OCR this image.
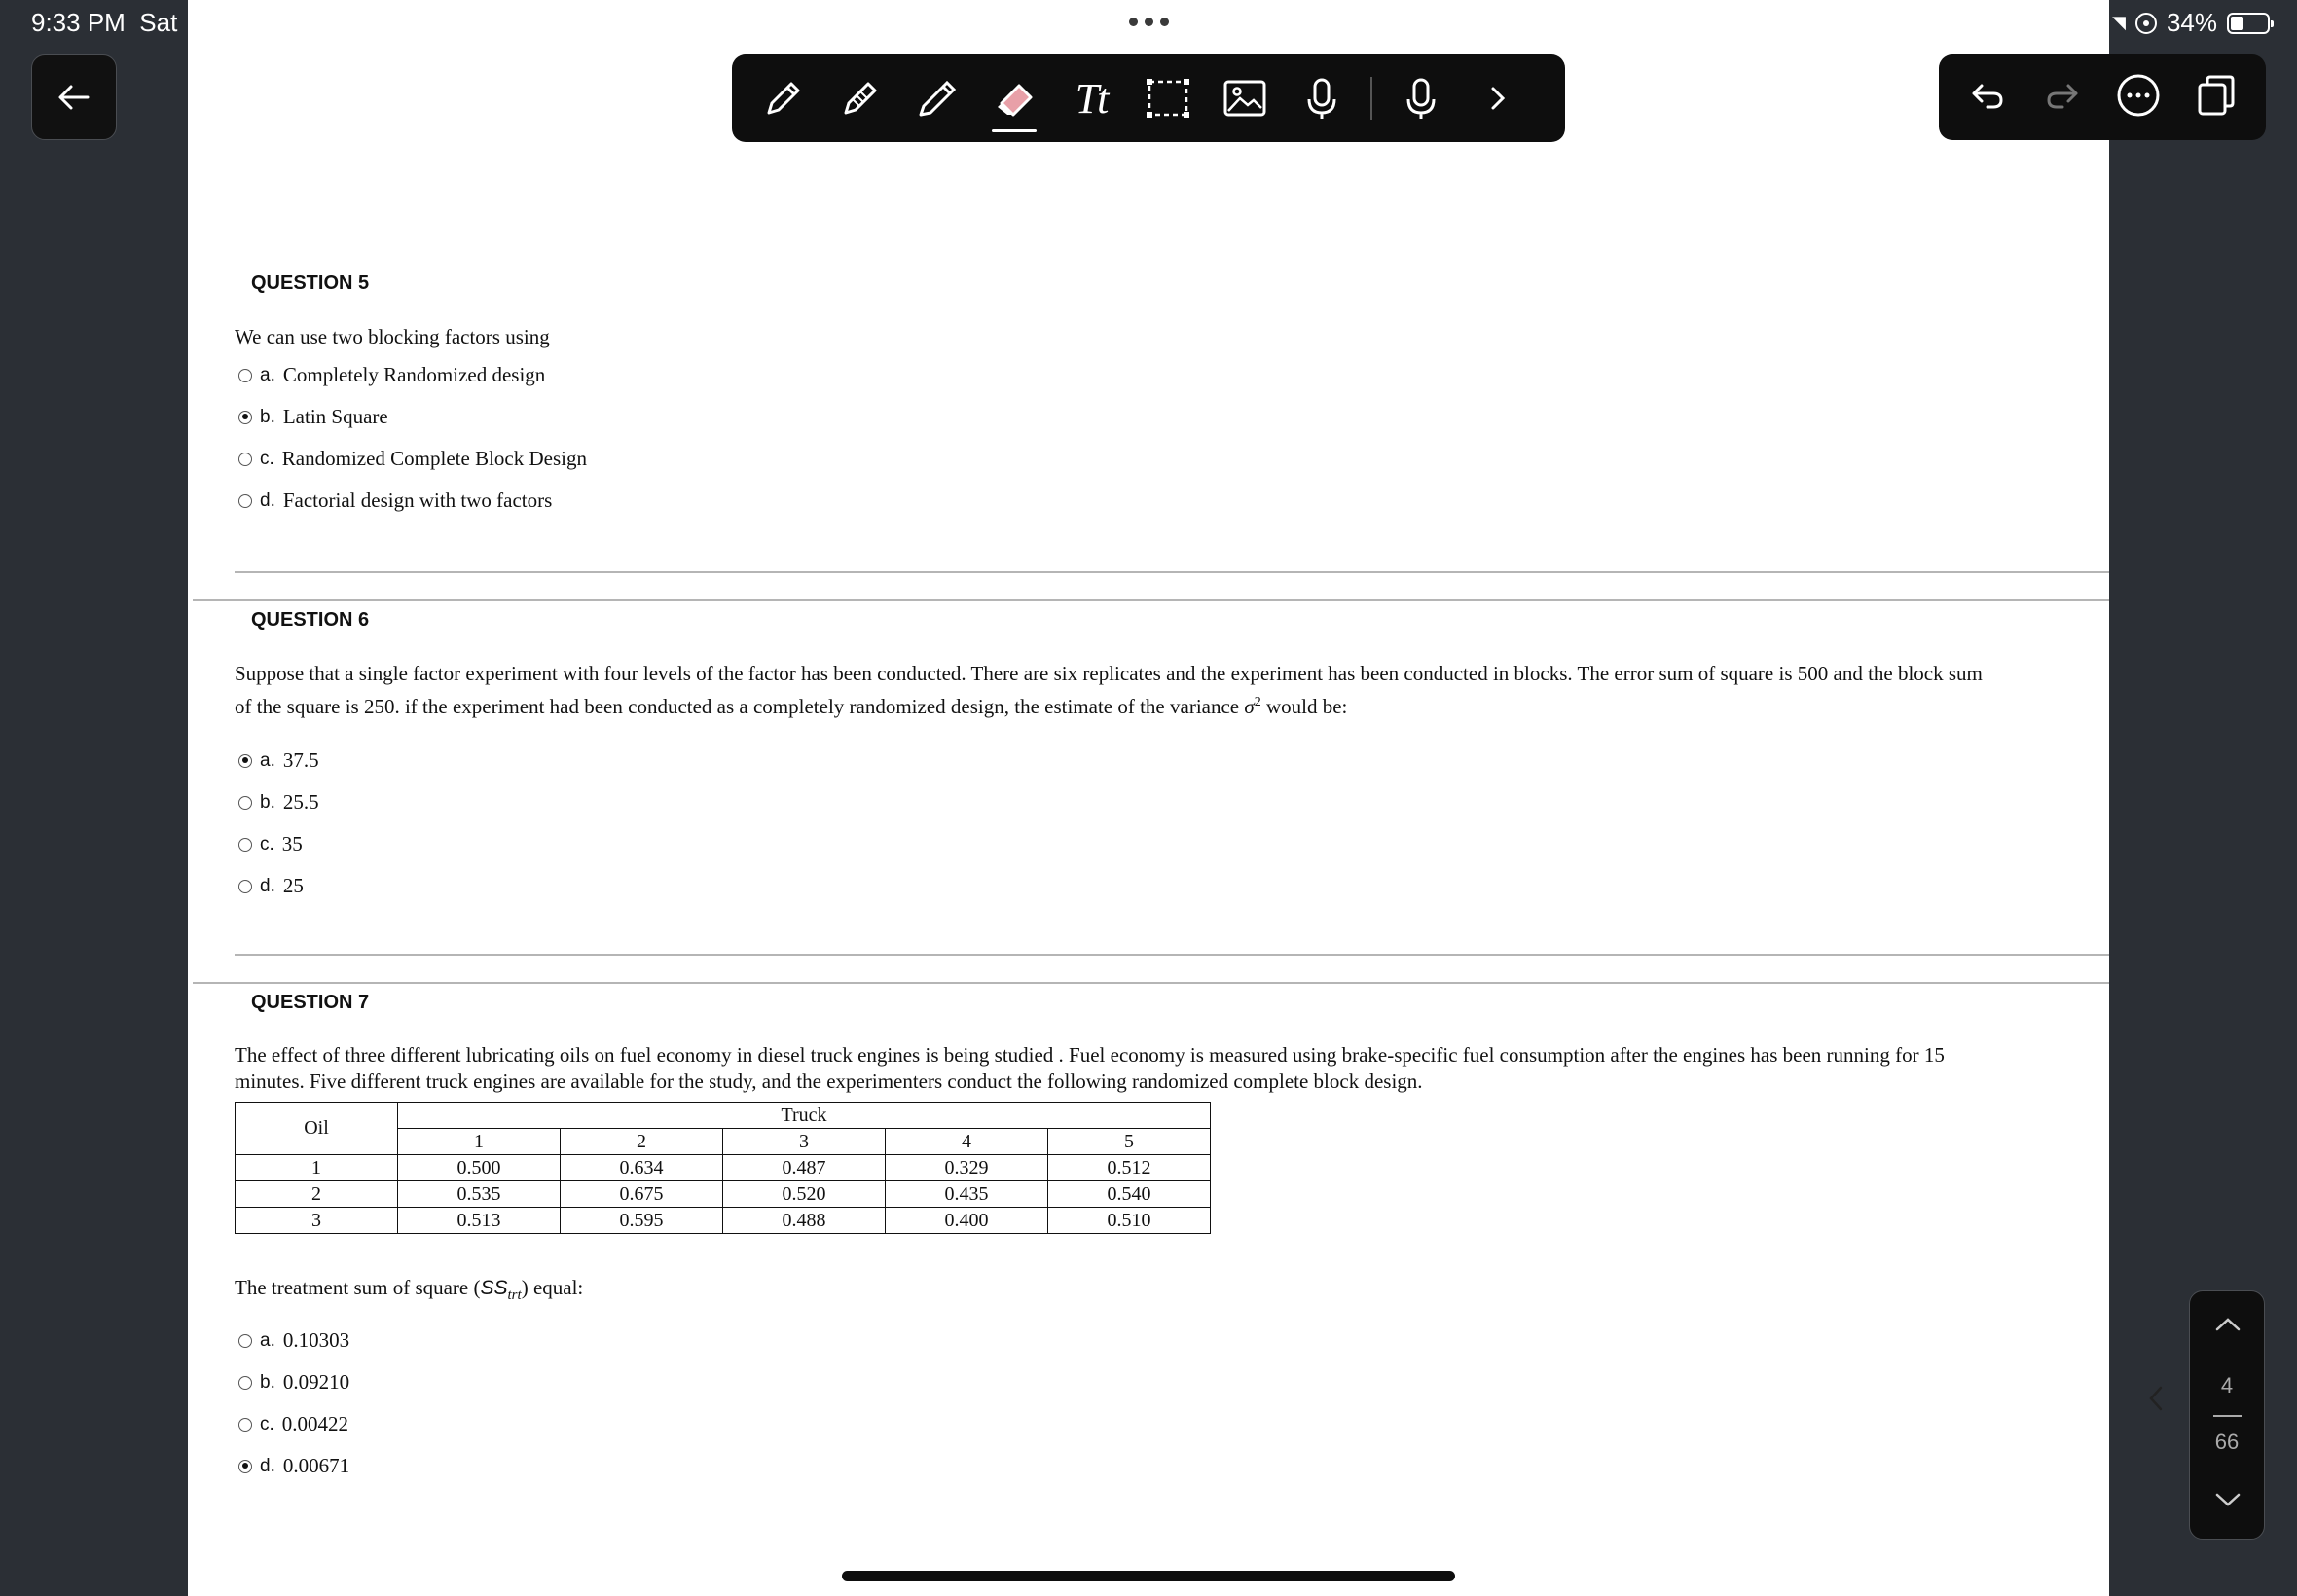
9:33 PM Sat	◥ 34%
Tt
QUESTION 5
We can use two blocking factors using
a. Completely Randomized design
b. Latin Square
c. Randomized Complete Block Design
d. Factorial design with two factors
QUESTION 6
Suppose that a single factor experiment with four levels of the factor has been conducted. There are six replicates and the experiment has been conducted in blocks. The error sum of square is 500 and the block sum
of the square is 250. if the experiment had been conducted as a completely randomized design, the estimate of the variance $\sigma^2$ would be:
a. 37.5
b. 25.5
c. 35
d. 25
QUESTION 7
The effect of three different lubricating oils on fuel economy in diesel truck engines is being studied . Fuel economy is measured using brake-specific fuel consumption after the engines has been running for 15
minutes. Five different truck engines are available for the study, and the experimenters conduct the following randomized complete block design.
Oil	Truck				
	1	2	3	4	5
1	0.500	0.634	0.487	0.329	0.512
2	0.535	0.675	0.520	0.435	0.540
3	0.513	0.595	0.488	0.400	0.510
The treatment sum of square $(SS_{trt})$ equal:
a. 0.10303
b. 0.09210
c. 0.00422
d. 0.00671
4
66
